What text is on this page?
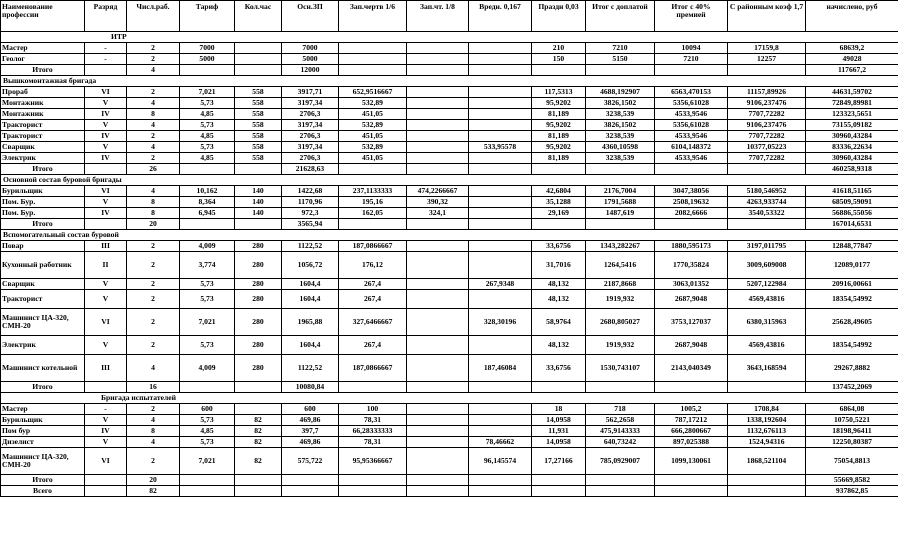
Наименование профессии	Разряд	Числ.раб.	Тариф	Кол.час	Осн.ЗП	Зап.чертв 1/6	Зап.чт. 1/8	Вредн. 0,167	Праздн 0,03	Итог с доплатой	Итог с 40% премией	С районным коэф 1,7	начислено, руб
ИТР													
Мастер	-	2	7000		7000				210	7210	10094	17159,8	68639,2
Геолог	-	2	5000		5000				150	5150	7210	12257	49028
Итого		4			12000								117667,2
Вышкомонтажная бригада													
Прораб	VI	2	7,021	558	3917,71	652,9516667			117,5313	4688,192907	6563,470153	11157,89926	44631,59702
Монтажник	V	4	5,73	558	3197,34	532,89			95,9202	3826,1502	5356,61028	9106,237476	72849,89981
Монтажник	IV	8	4,85	558	2706,3	451,05			81,189	3238,539	4533,9546	7707,72282	123323,5651
Тракторист	V	4	5,73	558	3197,34	532,89			95,9202	3826,1502	5356,61028	9106,237476	73155,09182
Тракторист	IV	2	4,85	558	2706,3	451,05			81,189	3238,539	4533,9546	7707,72282	30960,43284
Сварщик	V	4	5,73	558	3197,34	532,89		533,95578	95,9202	4360,10598	6104,148372	10377,05223	83336,22634
Электрик	IV	2	4,85	558	2706,3	451,05			81,189	3238,539	4533,9546	7707,72282	30960,43284
Итого		26			21628,63								460258,9318
Основной состав буровой бригады													
Бурильщик	VI	4	10,162	140	1422,68	237,1133333	474,2266667		42,6804	2176,7004	3047,38056	5180,546952	41618,51165
Пом. Бур.	V	8	8,364	140	1170,96	195,16	390,32		35,1288	1791,5688	2508,19632	4263,933744	68509,59091
Пом. Бур.	IV	8	6,945	140	972,3	162,05	324,1		29,169	1487,619	2082,6666	3540,53322	56886,55056
Итого		20			3565,94								167014,6531
Вспомогательный состав буровой													
Повар	III	2	4,009	280	1122,52	187,0866667			33,6756	1343,282267	1880,595173	3197,011795	12848,77847
Кухонный работник	II	2	3,774	280	1056,72	176,12			31,7016	1264,5416	1770,35824	3009,609008	12089,0177
Сварщик	V	2	5,73	280	1604,4	267,4		267,9348	48,132	2187,8668	3063,01352	5207,122984	20916,00661
Тракторист	V	2	5,73	280	1604,4	267,4			48,132	1919,932	2687,9048	4569,43816	18354,54992
Машинист ЦА-320, СМН-20	VI	2	7,021	280	1965,88	327,6466667		328,30196	58,9764	2680,805027	3753,127037	6380,315963	25628,49605
Электрик	V	2	5,73	280	1604,4	267,4			48,132	1919,932	2687,9048	4569,43816	18354,54992
Машинист котельной	III	4	4,009	280	1122,52	187,0866667		187,46084	33,6756	1530,743107	2143,040349	3643,168594	29267,8882
Итого		16			10080,84								137452,2069
Бригада испытателей													
Мастер	-	2	600		600	100			18	718	1005,2	1708,84	6864,08
Бурильщик	V	4	5,73	82	469,86	78,31			14,0958	562,2658	787,17212	1338,192604	10750,5221
Пом бур	IV	8	4,85	82	397,7	66,28333333			11,931	475,9143333	666,2800667	1132,676113	18198,96411
Дизелист	V	4	5,73	82	469,86	78,31		78,46662	14,0958	640,73242	897,025388	1524,94316	12250,80387
Машинист ЦА-320, СМН-20	VI	2	7,021	82	575,722	95,95366667		96,145574	17,27166	785,0929007	1099,130061	1868,521104	75054,8813
Итого		20											55669,8582
Всего		82											937862,85
